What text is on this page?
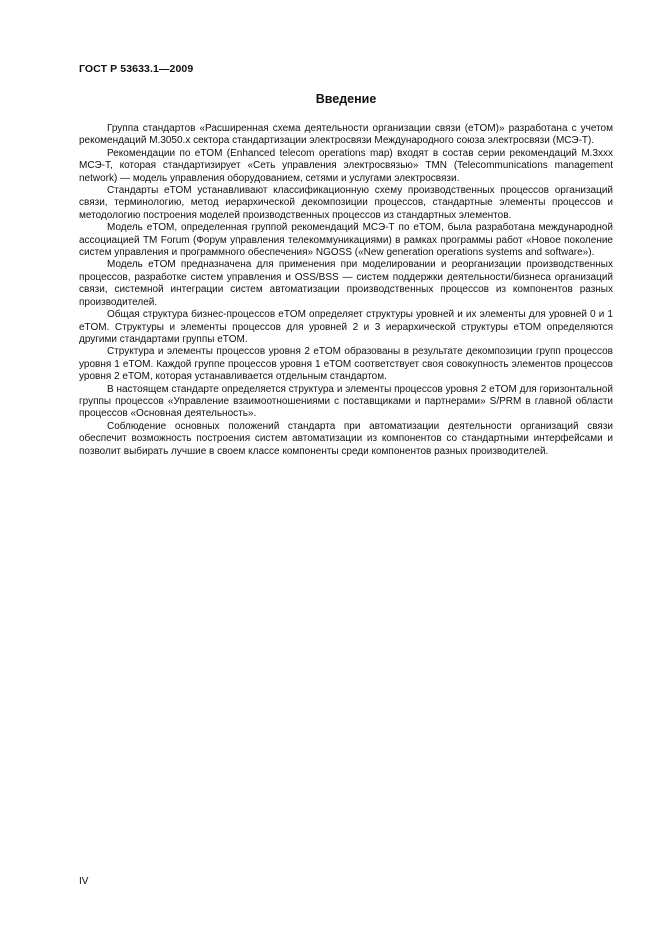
ГОСТ Р 53633.1—2009

Введение

Группа стандартов «Расширенная схема деятельности организации связи (eTOM)» разработана с учетом рекомендаций М.3050.x сектора стандартизации электросвязи Международного союза электросвязи (МСЭ-Т).

Рекомендации по eTOM (Enhanced telecom operations map) входят в состав серии рекомендаций М.3xxx МСЭ-Т, которая стандартизирует «Сеть управления электросвязью» TMN (Telecommunications management network) — модель управления оборудованием, сетями и услугами электросвязи.

Стандарты eTOM устанавливают классификационную схему производственных процессов организаций связи, терминологию, метод иерархической декомпозиции процессов, стандартные элементы процессов и методологию построения моделей производственных процессов из стандартных элементов.

Модель eTOM, определенная группой рекомендаций МСЭ-Т по eTOM, была разработана международной ассоциацией TM Forum (Форум управления телекоммуникациями) в рамках программы работ «Новое поколение систем управления и программного обеспечения» NGOSS («New generation operations systems and software»).

Модель eTOM предназначена для применения при моделировании и реорганизации производственных процессов, разработке систем управления и OSS/BSS — систем поддержки деятельности/бизнеса организаций связи, системной интеграции систем автоматизации производственных процессов из компонентов разных производителей.

Общая структура бизнес-процессов eTOM определяет структуры уровней и их элементы для уровней 0 и 1 eTOM. Структуры и элементы процессов для уровней 2 и 3 иерархической структуры eTOM определяются другими стандартами группы eTOM.

Структура и элементы процессов уровня 2 eTOM образованы в результате декомпозиции групп процессов уровня 1 eTOM. Каждой группе процессов уровня 1 eTOM соответствует своя совокупность элементов процессов уровня 2 eTOM, которая устанавливается отдельным стандартом.

В настоящем стандарте определяется структура и элементы процессов уровня 2 eTOM для горизонтальной группы процессов «Управление взаимоотношениями с поставщиками и партнерами» S/PRM в главной области процессов «Основная деятельность».

Соблюдение основных положений стандарта при автоматизации деятельности организаций связи обеспечит возможность построения систем автоматизации из компонентов со стандартными интерфейсами и позволит выбирать лучшие в своем классе компоненты среди компонентов разных производителей.

IV
